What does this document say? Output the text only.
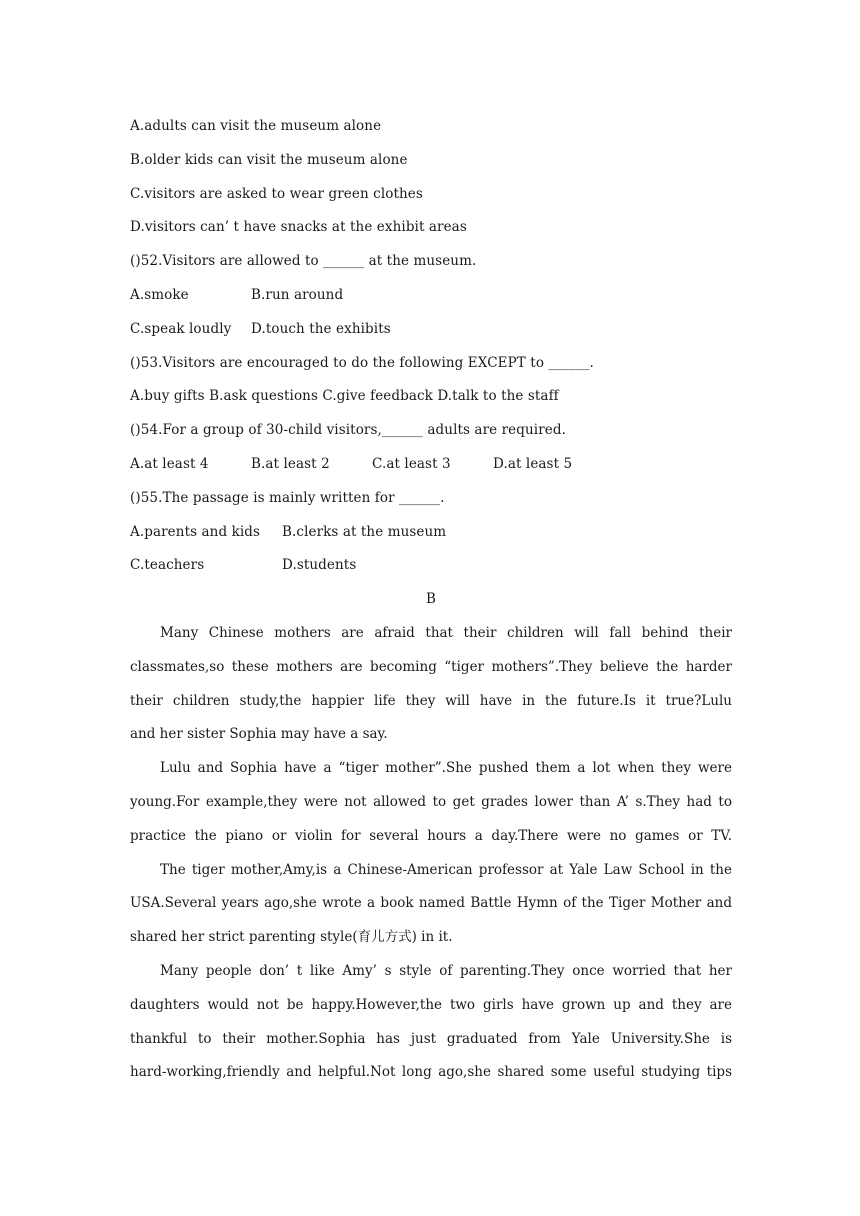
A.adults can visit the museum alone
B.older kids can visit the museum alone
C.visitors are asked to wear green clothes
D.visitors can’ t have snacks at the exhibit areas
()52.Visitors are allowed to ______ at the museum.
A.smoke	B.run around
C.speak loudly D.touch the exhibits
()53.Visitors are encouraged to do the following EXCEPT to ______.
A.buy gifts B.ask questions C.give feedback D.talk to the staff
()54.For a group of 30-child visitors,______ adults are required.
A.at least 4	B.at least 2	C.at least 3	D.at least 5
()55.The passage is mainly written for ______.
A.parents and kids B.clerks at the museum
C.teachers	D.students
B
Many Chinese mothers are afraid that their children will fall behind their
classmates,so these mothers are becoming “tiger mothers”.They believe the harder
their children study,the happier life they will have in the future.Is it true?Lulu
and her sister Sophia may have a say.
Lulu and Sophia have a “tiger mother”.She pushed them a lot when they were
young.For example,they were not allowed to get grades lower than A’ s.They had to
practice the piano or violin for several hours a day.There were no games or TV.
The tiger mother,Amy,is a Chinese-American professor at Yale Law School in the
USA.Several years ago,she wrote a book named Battle Hymn of the Tiger Mother and
shared her strict parenting style(育儿方式) in it.
Many people don’ t like Amy’ s style of parenting.They once worried that her
daughters would not be happy.However,the two girls have grown up and they are
thankful to their mother.Sophia has just graduated from Yale University.She is
hard-working,friendly and helpful.Not long ago,she shared some useful studying tips
